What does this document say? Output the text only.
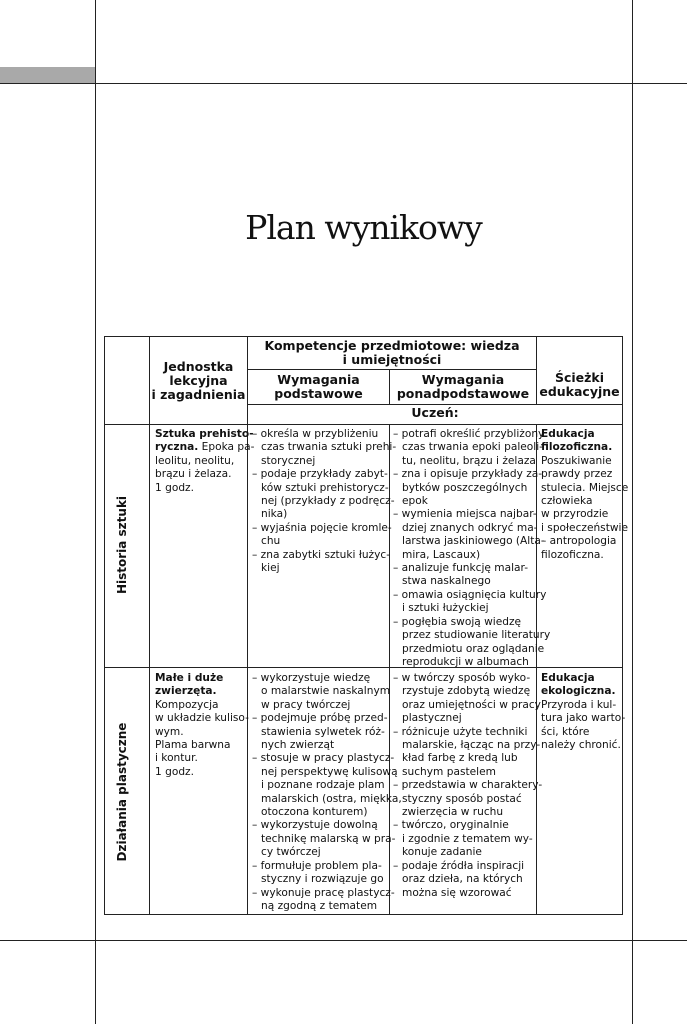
Plan wynikowy
Jednostka
lekcyjna
i zagadnienia
Kompetencje przedmiotowe: wiedza
i umiejętności
Wymagania
podstawowe
Wymagania
ponadpodstawowe
Ścieżki
edukacyjne
Uczeń:
Historia sztuki
Sztuka prehisto-
ryczna. Epoka pa-
leolitu, neolitu,
brązu i żelaza.
1 godz.
– określa w przybliżeniu
czas trwania sztuki prehi-
storycznej
– podaje przykłady zabyt-
ków sztuki prehistorycz-
nej (przykłady z podręcz-
nika)
– wyjaśnia pojęcie kromle-
chu
– zna zabytki sztuki łużyc-
kiej
– potrafi określić przybliżony
czas trwania epoki paleoli-
tu, neolitu, brązu i żelaza
– zna i opisuje przykłady za-
bytków poszczególnych
epok
– wymienia miejsca najbar-
dziej znanych odkryć ma-
larstwa jaskiniowego (Alta-
mira, Lascaux)
– analizuje funkcję malar-
stwa naskalnego
– omawia osiągnięcia kultury
i sztuki łużyckiej
– pogłębia swoją wiedzę
przez studiowanie literatury
przedmiotu oraz oglądanie
reprodukcji w albumach
Edukacja
filozoficzna.
Poszukiwanie
prawdy przez
stulecia. Miejsce
człowieka
w przyrodzie
i społeczeństwie
– antropologia
filozoficzna.
Działania plastyczne
Małe i duże
zwierzęta.
Kompozycja
w układzie kuliso-
wym.
Plama barwna
i kontur.
1 godz.
– wykorzystuje wiedzę
o malarstwie naskalnym
w pracy twórczej
– podejmuje próbę przed-
stawienia sylwetek róż-
nych zwierząt
– stosuje w pracy plastycz-
nej perspektywę kulisową
i poznane rodzaje plam
malarskich (ostra, miękka,
otoczona konturem)
– wykorzystuje dowolną
technikę malarską w pra-
cy twórczej
– formułuje problem pla-
styczny i rozwiązuje go
– wykonuje pracę plastycz-
ną zgodną z tematem
– w twórczy sposób wyko-
rzystuje zdobytą wiedzę
oraz umiejętności w pracy
plastycznej
– różnicuje użyte techniki
malarskie, łącząc na przy-
kład farbę z kredą lub
suchym pastelem
– przedstawia w charaktery-
styczny sposób postać
zwierzęcia w ruchu
– twórczo, oryginalnie
i zgodnie z tematem wy-
konuje zadanie
– podaje źródła inspiracji
oraz dzieła, na których
można się wzorować
Edukacja
ekologiczna.
Przyroda i kul-
tura jako warto-
ści, które
należy chronić.
